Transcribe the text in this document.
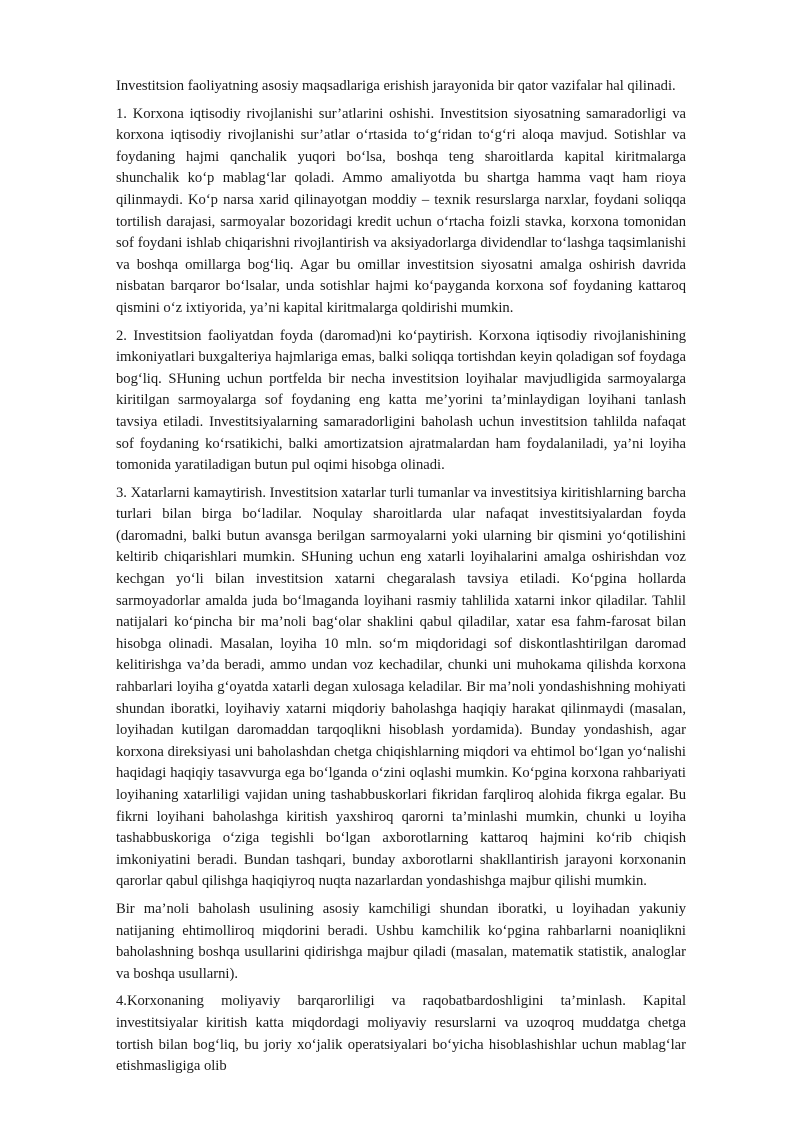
Investitsion faoliyatning asosiy maqsadlariga erishish jarayonida bir qator vazifalar hal qilinadi.

1. Korxona iqtisodiy rivojlanishi sur’atlarini oshishi. Investitsion siyosatning samaradorligi va korxona iqtisodiy rivojlanishi sur’atlar o‘rtasida to‘g‘ridan to‘g‘ri aloqa mavjud. Sotishlar va foydaning hajmi qanchalik yuqori bo‘lsa, boshqa teng sharoitlarda kapital kiritmalarga shunchalik ko‘p mablag‘lar qoladi. Ammo amaliyotda bu shartga hamma vaqt ham rioya qilinmaydi. Ko‘p narsa xarid qilinayotgan moddiy – texnik resurslarga narxlar, foydani soliqqa tortilish darajasi, sarmoyalar bozoridagi kredit uchun o‘rtacha foizli stavka, korxona tomonidan sof foydani ishlab chiqarishni rivojlantirish va aksiyadorlarga dividendlar to‘lashga taqsimlanishi va boshqa omillarga bog‘liq. Agar bu omillar investitsion siyosatni amalga oshirish davrida nisbatan barqaror bo‘lsalar, unda sotishlar hajmi ko‘payganda korxona sof foydaning kattaroq qismini o‘z ixtiyorida, ya’ni kapital kiritmalarga qoldirishi mumkin.

2. Investitsion faoliyatdan foyda (daromad)ni ko‘paytirish. Korxona iqtisodiy rivojlanishining imkoniyatlari buxgalteriya hajmlariga emas, balki soliqqa tortishdan keyin qoladigan sof foydaga bog‘liq. SHuning uchun portfelda bir necha investitsion loyihalar mavjudligida sarmoyalarga kiritilgan sarmoyalarga sof foydaning eng katta me’yorini ta’minlaydigan loyihani tanlash tavsiya etiladi. Investitsiyalarning samaradorligini baholash uchun investitsion tahlilda nafaqat sof foydaning ko‘rsatikichi, balki amortizatsion ajratmalardan ham foydalaniladi, ya’ni loyiha tomonida yaratiladigan butun pul oqimi hisobga olinadi.

3. Xatarlarni kamaytirish. Investitsion xatarlar turli tumanlar va investitsiya kiritishlarning barcha turlari bilan birga bo‘ladilar. Noqulay sharoitlarda ular nafaqat investitsiyalardan foyda (daromadni, balki butun avansga berilgan sarmoyalarni yoki ularning bir qismini yo‘qotilishini keltirib chiqarishlari mumkin. SHuning uchun eng xatarli loyihalarini amalga oshirishdan voz kechgan yo‘li bilan investitsion xatarni chegaralash tavsiya etiladi. Ko‘pgina hollarda sarmoyadorlar amalda juda bo‘lmaganda loyihani rasmiy tahlilida xatarni inkor qiladilar. Tahlil natijalari ko‘pincha bir ma’noli bag‘olar shaklini qabul qiladilar, xatar esa fahm-farosat bilan hisobga olinadi. Masalan, loyiha 10 mln. so‘m miqdoridagi sof diskontlashtirilgan daromad kelitirishga va’da beradi, ammo undan voz kechadilar, chunki uni muhokama qilishda korxona rahbarlari loyiha g‘oyatda xatarli degan xulosaga keladilar. Bir ma’noli yondashishning mohiyati shundan iboratki, loyihaviy xatarni miqdoriy baholashga haqiqiy harakat qilinmaydi (masalan, loyihadan kutilgan daromaddan tarqoqlikni hisoblash yordamida). Bunday yondashish, agar korxona direksiyasi uni baholashdan chetga chiqishlarning miqdori va ehtimol bo‘lgan yo‘nalishi haqidagi haqiqiy tasavvurga ega bo‘lganda o‘zini oqlashi mumkin. Ko‘pgina korxona rahbariyati loyihaning xatarliligi vajidan uning tashabbuskorlari fikridan farqliroq alohida fikrga egalar. Bu fikrni loyihani baholashga kiritish yaxshiroq qarorni ta’minlashi mumkin, chunki u loyiha tashabbuskoriga o‘ziga tegishli bo‘lgan axborotlarning kattaroq hajmini ko‘rib chiqish imkoniyatini beradi. Bundan tashqari, bunday axborotlarni shakllantirish jarayoni korxonanin qarorlar qabul qilishga haqiqiyroq nuqta nazarlardan yondashishga majbur qilishi mumkin.

Bir ma’noli baholash usulining asosiy kamchiligi shundan iboratki, u loyihadan yakuniy natijaning ehtimolliroq miqdorini beradi. Ushbu kamchilik ko‘pgina rahbarlarni noaniqlikni baholashning boshqa usullarini qidirishga majbur qiladi (masalan, matematik statistik, analoglar va boshqa usullarni).

4.Korxonaning moliyaviy barqarorliligi va raqobatbardoshligini ta’minlash. Kapital investitsiyalar kiritish katta miqdordagi moliyaviy resurslarni va uzoqroq muddatga chetga tortish bilan bog‘liq, bu joriy xo‘jalik operatsiyalari bo‘yicha hisoblashishlar uchun mablag‘lar etishmasligiga olib
